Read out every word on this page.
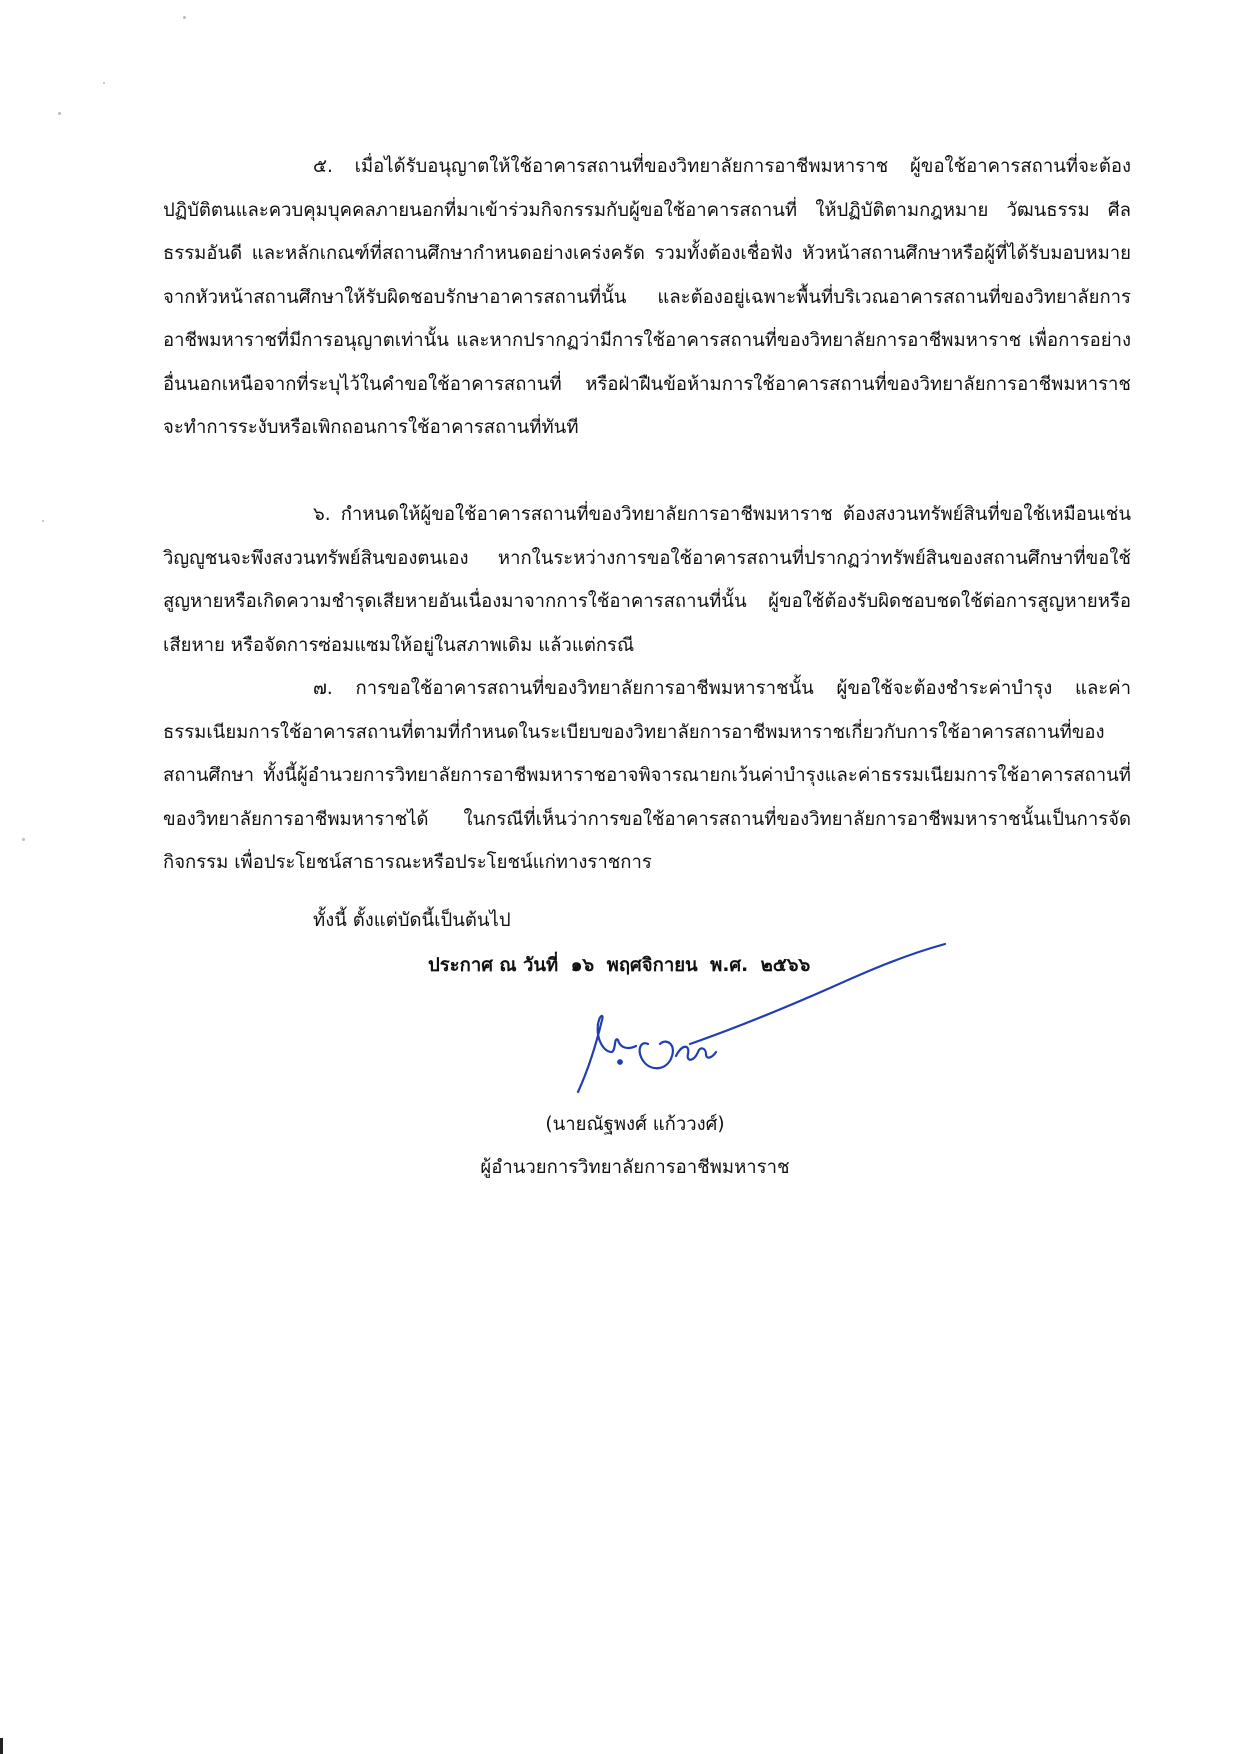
๕. เมื่อได้รับอนุญาตให้ใช้อาคารสถานที่ของวิทยาลัยการอาชีพมหาราช ผู้ขอใช้อาคารสถานที่จะต้องปฏิบัติตนและควบคุมบุคคลภายนอกที่มาเข้าร่วมกิจกรรมกับผู้ขอใช้อาคารสถานที่ ให้ปฏิบัติตามกฎหมาย วัฒนธรรม ศีลธรรมอันดี และหลักเกณฑ์ที่สถานศึกษากำหนดอย่างเคร่งครัด รวมทั้งต้องเชื่อฟัง หัวหน้าสถานศึกษาหรือผู้ที่ได้รับมอบหมายจากหัวหน้าสถานศึกษาให้รับผิดชอบรักษาอาคารสถานที่นั้น และต้องอยู่เฉพาะพื้นที่บริเวณอาคารสถานที่ของวิทยาลัยการอาชีพมหาราชที่มีการอนุญาตเท่านั้น และหากปรากฏว่ามีการใช้อาคารสถานที่ของวิทยาลัยการอาชีพมหาราช เพื่อการอย่างอื่นนอกเหนือจากที่ระบุไว้ในคำขอใช้อาคารสถานที่ หรือฝ่าฝืนข้อห้ามการใช้อาคารสถานที่ของวิทยาลัยการอาชีพมหาราช จะทำการระงับหรือเพิกถอนการใช้อาคารสถานที่ทันที

๖. กำหนดให้ผู้ขอใช้อาคารสถานที่ของวิทยาลัยการอาชีพมหาราช ต้องสงวนทรัพย์สินที่ขอใช้เหมือนเช่น วิญญูชนจะพึงสงวนทรัพย์สินของตนเอง หากในระหว่างการขอใช้อาคารสถานที่ปรากฏว่าทรัพย์สินของสถานศึกษาที่ขอใช้สูญหายหรือเกิดความชำรุดเสียหายอันเนื่องมาจากการใช้อาคารสถานที่นั้น ผู้ขอใช้ต้องรับผิดชอบชดใช้ต่อการสูญหายหรือเสียหาย หรือจัดการซ่อมแซมให้อยู่ในสภาพเดิม แล้วแต่กรณี

๗. การขอใช้อาคารสถานที่ของวิทยาลัยการอาชีพมหาราชนั้น ผู้ขอใช้จะต้องชำระค่าบำรุง และค่าธรรมเนียมการใช้อาคารสถานที่ตามที่กำหนดในระเบียบของวิทยาลัยการอาชีพมหาราชเกี่ยวกับการใช้อาคารสถานที่ของสถานศึกษา ทั้งนี้ผู้อำนวยการวิทยาลัยการอาชีพมหาราชอาจพิจารณายกเว้นค่าบำรุงและค่าธรรมเนียมการใช้อาคารสถานที่ของวิทยาลัยการอาชีพมหาราชได้ ในกรณีที่เห็นว่าการขอใช้อาคารสถานที่ของวิทยาลัยการอาชีพมหาราชนั้นเป็นการจัดกิจกรรม เพื่อประโยชน์สาธารณะหรือประโยชน์แก่ทางราชการ

ทั้งนี้ ตั้งแต่บัดนี้เป็นต้นไป

ประกาศ ณ วันที่ ๑๖ พฤศจิกายน พ.ศ. ๒๕๖๖

(นายณัฐพงศ์ แก้ววงศ์)

ผู้อำนวยการวิทยาลัยการอาชีพมหาราช
